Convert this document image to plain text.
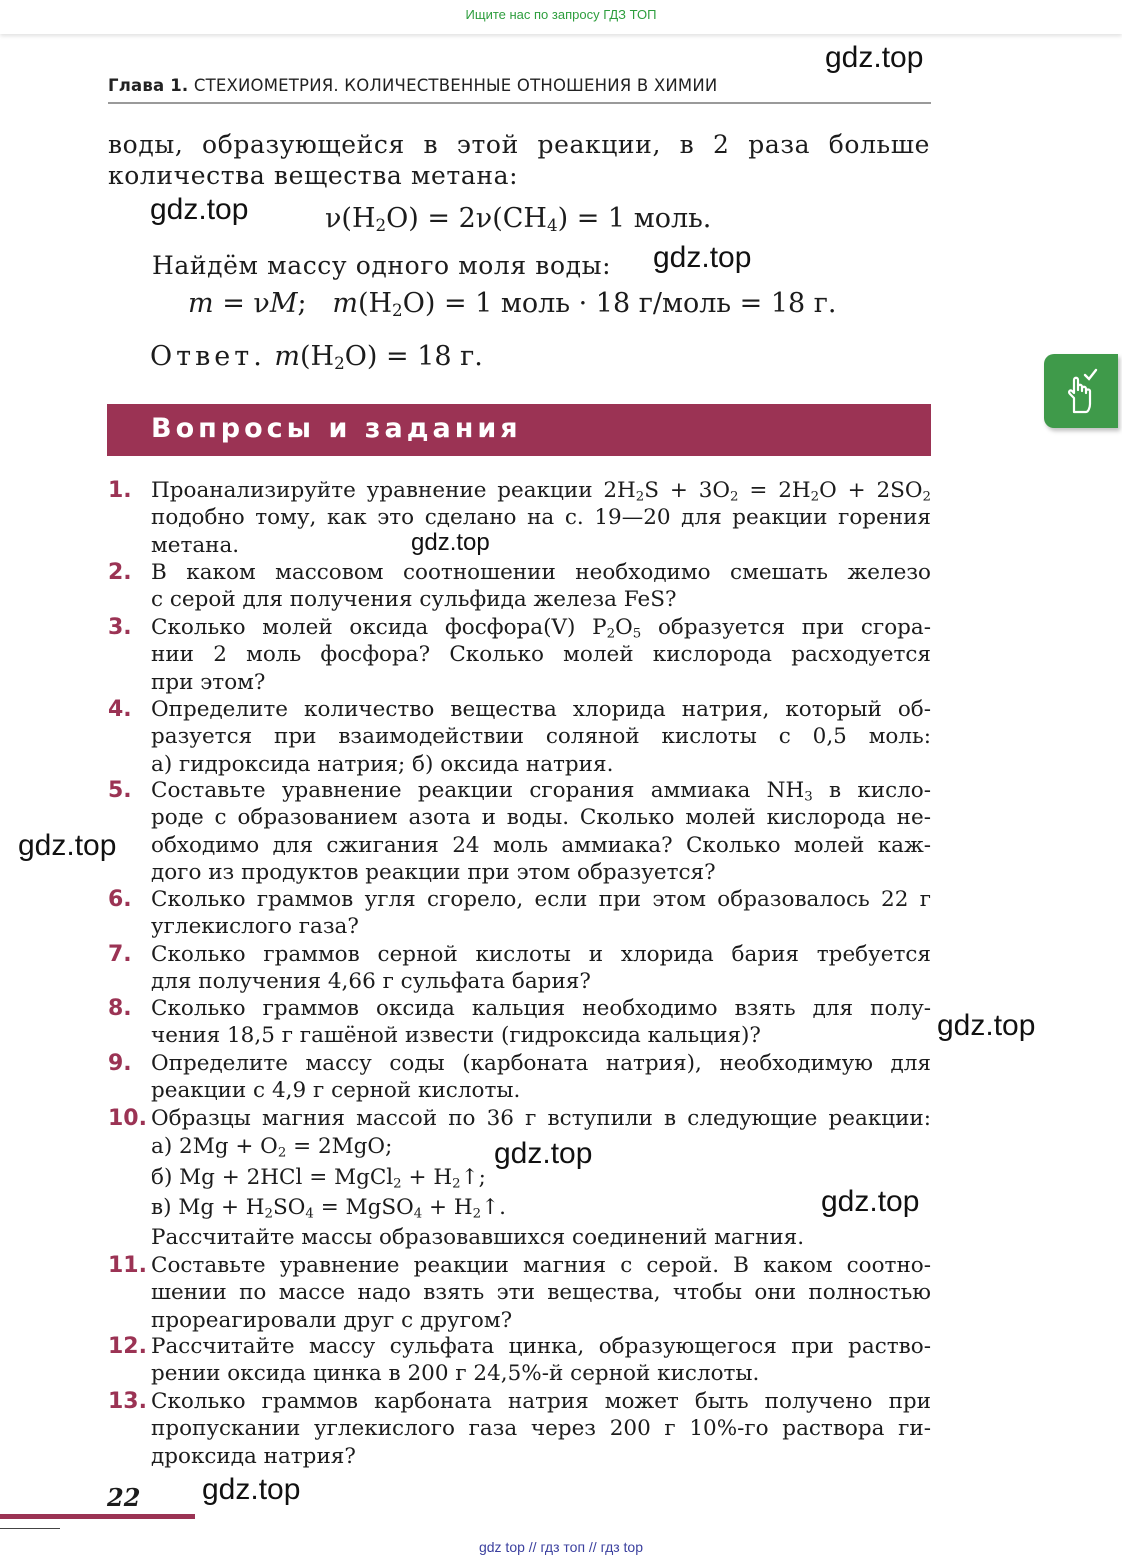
Ищите нас по запросу ГДЗ ТОП
Глава 1. СТЕХИОМЕТРИЯ. КОЛИЧЕСТВЕННЫЕ ОТНОШЕНИЯ В ХИМИИ
воды, образующейся в этой реакции, в 2 раза больше
количества вещества метана:
$\nu(H_2O) = 2\nu(CH_4) = 1$ моль.
Найдём массу одного моля воды:
m = νM;   $m(H_2O) = 1$ моль · 18 г/моль = 18 г.
Ответ. $m(H_2O) = 18$ г.
Вопросы и задания
1. Проанализируйте уравнение реакции $2H_2S + 3O_2 = 2H_2O + 2SO_2$
подобно тому, как это сделано на с. 19—20 для реакции горения
метана.
2. В каком массовом соотношении необходимо смешать железо
с серой для получения сульфида железа FeS?
3. Сколько молей оксида фосфора(V) $P_2O_5$ образуется при сгора-
нии 2 моль фосфора? Сколько молей кислорода расходуется
при этом?
4. Определите количество вещества хлорида натрия, который об-
разуется при взаимодействии соляной кислоты с 0,5 моль:
а) гидроксида натрия; б) оксида натрия.
5. Составьте уравнение реакции сгорания аммиака $NH_3$ в кисло-
роде с образованием азота и воды. Сколько молей кислорода не-
обходимо для сжигания 24 моль аммиака? Сколько молей каж-
дого из продуктов реакции при этом образуется?
6. Сколько граммов угля сгорело, если при этом образовалось 22 г
углекислого газа?
7. Сколько граммов серной кислоты и хлорида бария требуется
для получения 4,66 г сульфата бария?
8. Сколько граммов оксида кальция необходимо взять для полу-
чения 18,5 г гашёной извести (гидроксида кальция)?
9. Определите массу соды (карбоната натрия), необходимую для
реакции с 4,9 г серной кислоты.
10. Образцы магния массой по 36 г вступили в следующие реакции:
а) $2Mg + O_2 = 2MgO$;
б) Mg + 2HCl = MgCl$_2$ + $H_2↑$;
в) $Mg + H_2SO_4$ = MgSO$_4$ + $H_2↑$.
Рассчитайте массы образовавшихся соединений магния.
11. Составьте уравнение реакции магния с серой. В каком соотно-
шении по массе надо взять эти вещества, чтобы они полностью
прореагировали друг с другом?
12. Рассчитайте массу сульфата цинка, образующегося при раство-
рении оксида цинка в 200 г 24,5%-й серной кислоты.
13. Сколько граммов карбоната натрия может быть получено при
пропускании углекислого газа через 200 г 10%-го раствора ги-
дроксида натрия?
gdz.top
gdz.top
gdz.top
gdz.top
gdz.top
gdz.top
gdz.top
gdz.top
gdz.top
22
gdz top // гдз топ // гдз top
